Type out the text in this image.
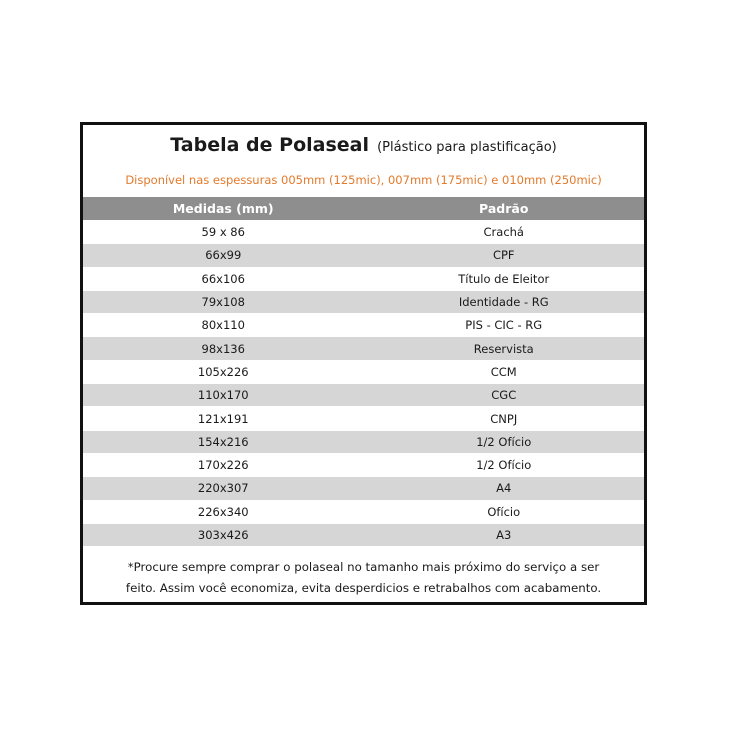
Tabela de Polaseal (Plástico para plastificação)
Disponível nas espessuras 005mm (125mic), 007mm (175mic) e 010mm (250mic)
Medidas (mm)	Padrão
59 x 86	Crachá
66x99	CPF
66x106	Título de Eleitor
79x108	Identidade - RG
80x110	PIS - CIC - RG
98x136	Reservista
105x226	CCM
110x170	CGC
121x191	CNPJ
154x216	1/2 Ofício
170x226	1/2 Ofício
220x307	A4
226x340	Ofício
303x426	A3
*Procure sempre comprar o polaseal no tamanho mais próximo do serviço a ser
feito. Assim você economiza, evita desperdicios e retrabalhos com acabamento.
